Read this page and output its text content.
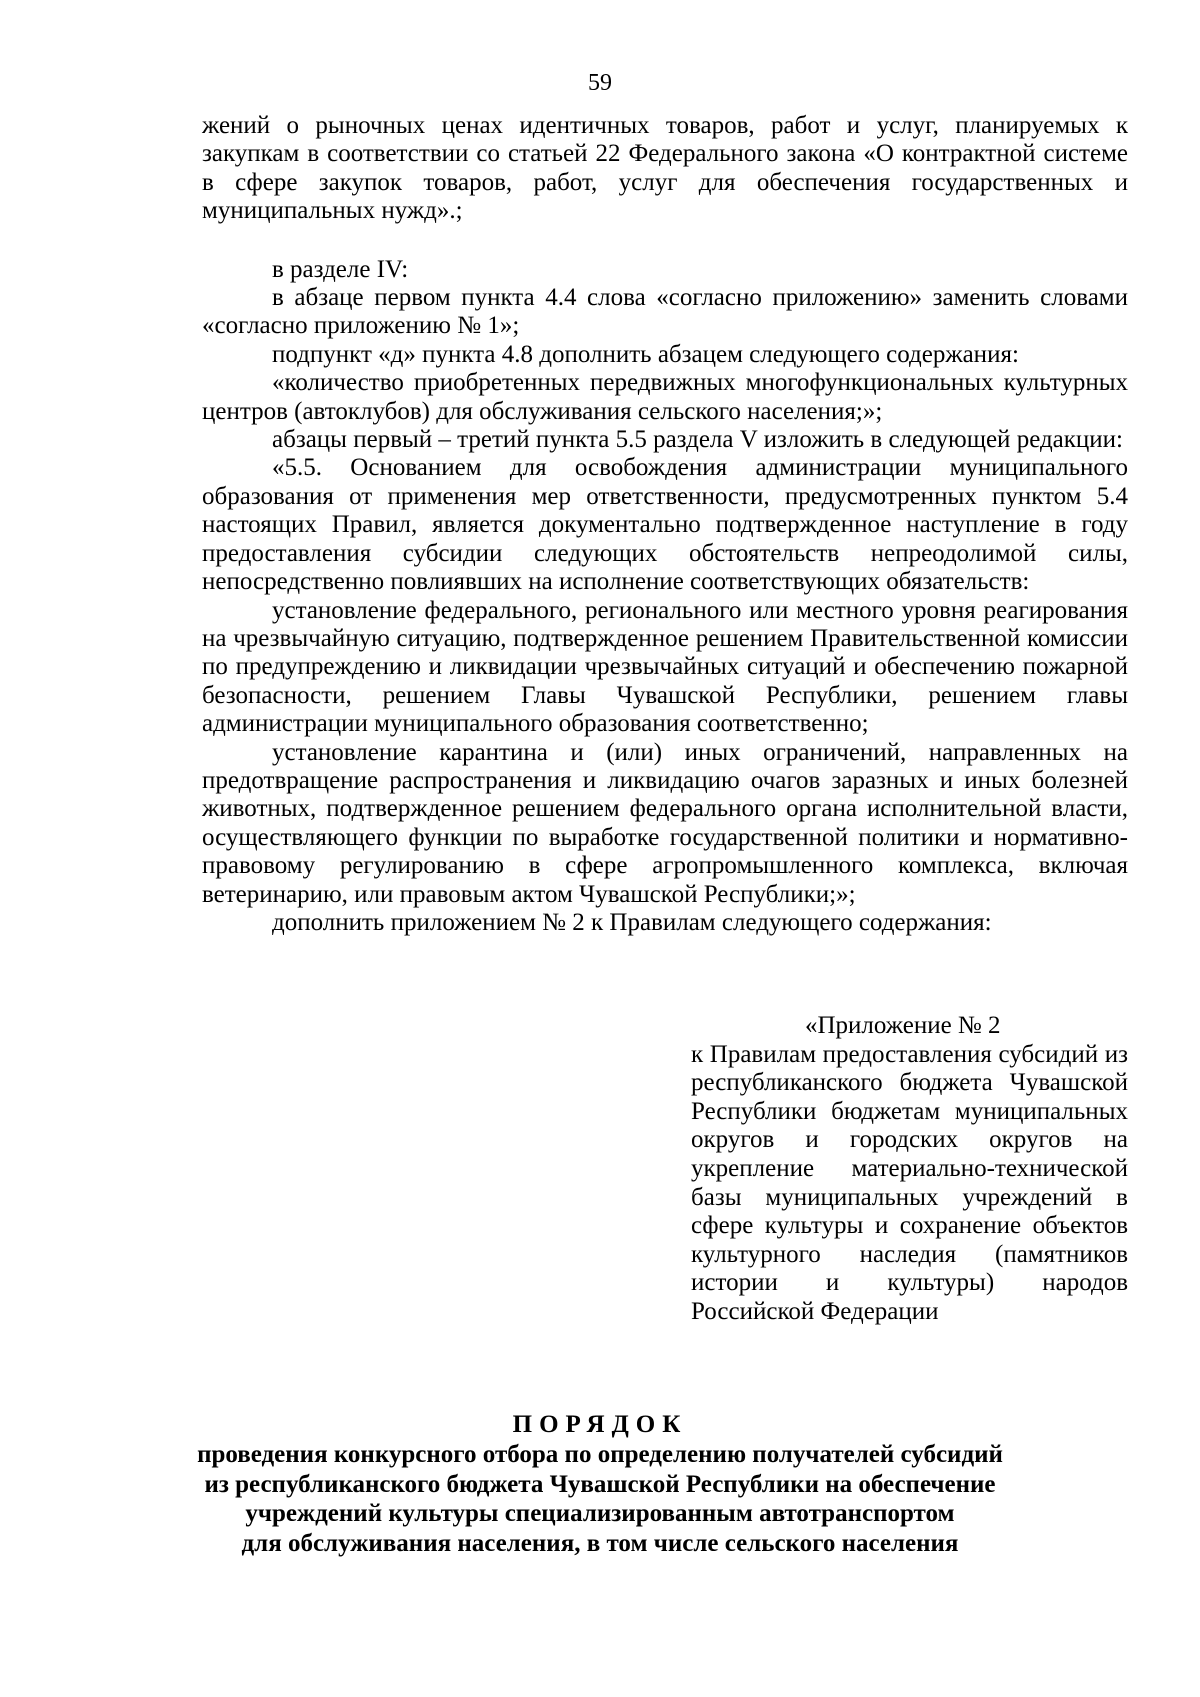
59

жений о рыночных ценах идентичных товаров, работ и услуг, планируемых к закупкам в соответствии со статьей 22 Федерального закона «О контрактной системе в сфере закупок товаров, работ, услуг для обеспечения государственных и муниципальных нужд».;

в разделе IV:

в абзаце первом пункта 4.4 слова «согласно приложению» заменить словами «согласно приложению № 1»;

подпункт «д» пункта 4.8 дополнить абзацем следующего содержания:

«количество приобретенных передвижных многофункциональных культурных центров (автоклубов) для обслуживания сельского населения;»;

абзацы первый – третий пункта 5.5 раздела V изложить в следующей редакции:

«5.5. Основанием для освобождения администрации муниципального образования от применения мер ответственности, предусмотренных пунктом 5.4 настоящих Правил, является документально подтвержденное наступление в году предоставления субсидии следующих обстоятельств непреодолимой силы, непосредственно повлиявших на исполнение соответствующих обязательств:

установление федерального, регионального или местного уровня реагирования на чрезвычайную ситуацию, подтвержденное решением Правительственной комиссии по предупреждению и ликвидации чрезвычайных ситуаций и обеспечению пожарной безопасности, решением Главы Чувашской Республики, решением главы администрации муниципального образования соответственно;

установление карантина и (или) иных ограничений, направленных на предотвращение распространения и ликвидацию очагов заразных и иных болезней животных, подтвержденное решением федерального органа исполнительной власти, осуществляющего функции по выработке государственной политики и нормативно-правовому регулированию в сфере агропромышленного комплекса, включая ветеринарию, или правовым актом Чувашской Республики;»;

дополнить приложением № 2 к Правилам следующего содержания:

«Приложение № 2

к Правилам предоставления субсидий из республиканского бюджета Чувашской Республики бюджетам муниципальных округов и городских округов на укрепление материально-технической базы муниципальных учреждений в сфере культуры и сохранение объектов культурного наследия (памятников истории и культуры) народов Российской Федерации

ПОРЯДОК
проведения конкурсного отбора по определению получателей субсидий
из республиканского бюджета Чувашской Республики на обеспечение
учреждений культуры специализированным автотранспортом
для обслуживания населения, в том числе сельского населения
